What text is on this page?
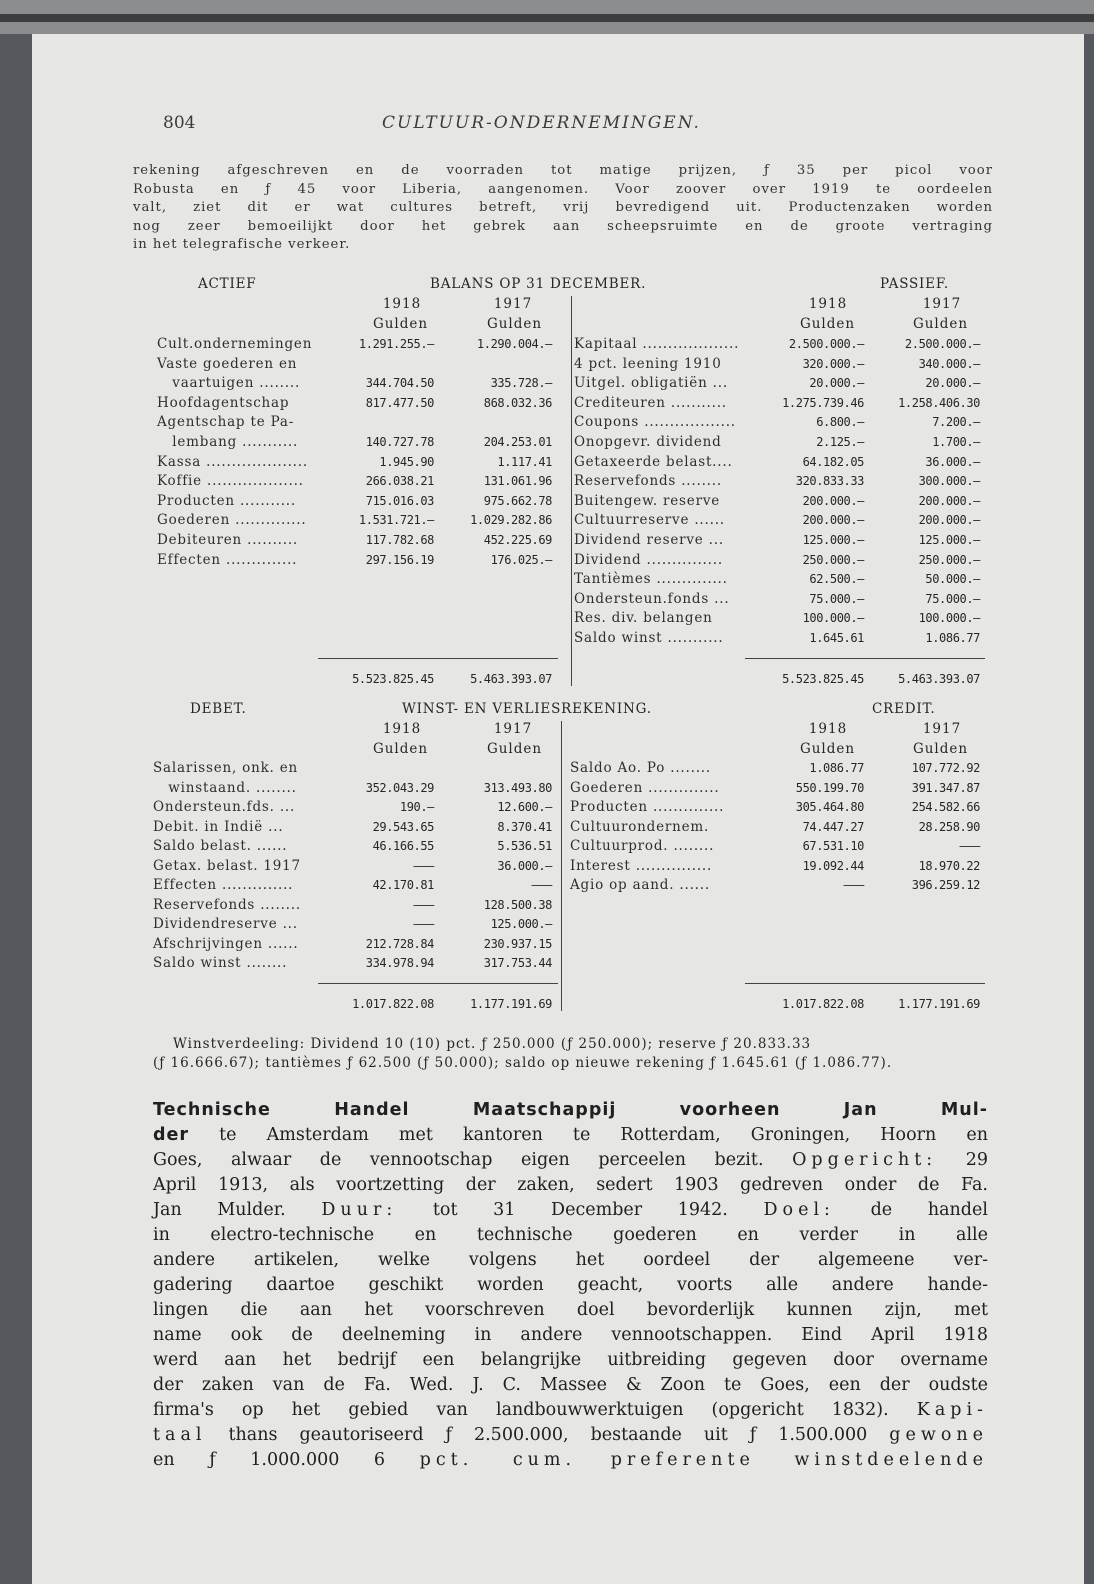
804	CULTUUR-ONDERNEMINGEN.
rekening afgeschreven en de voorraden tot matige prijzen, ƒ 35 per picol voor
Robusta en ƒ 45 voor Liberia, aangenomen. Voor zoover over 1919 te oordeelen
valt, ziet dit er wat cultures betreft, vrij bevredigend uit. Productenzaken worden
nog zeer bemoeilijkt door het gebrek aan scheepsruimte en de groote vertraging
in het telegrafische verkeer.
ACTIEF	BALANS OP 31 DECEMBER.	PASSIEF.
1918	1917
Gulden	Gulden
1918	1917
Gulden	Gulden
Cult.ondernemingen	1.291.255.—	1.290.004.—
Vaste goederen en
vaartuigen ........	344.704.50	335.728.—
Hoofdagentschap	817.477.50	868.032.36
Agentschap te Pa-
lembang ...........	140.727.78	204.253.01
Kassa ....................	1.945.90	1.117.41
Koffie ...................	266.038.21	131.061.96
Producten ...........	715.016.03	975.662.78
Goederen ..............	1.531.721.—	1.029.282.86
Debiteuren ..........	117.782.68	452.225.69
Effecten ..............	297.156.19	176.025.—
Kapitaal ...................	2.500.000.—	2.500.000.—
4 pct. leening 1910	320.000.—	340.000.—
Uitgel. obligatiën ...	20.000.—	20.000.—
Crediteuren ...........	1.275.739.46	1.258.406.30
Coupons ..................	6.800.—	7.200.—
Onopgevr. dividend	2.125.—	1.700.—
Getaxeerde belast....	64.182.05	36.000.—
Reservefonds ........	320.833.33	300.000.—
Buitengew. reserve	200.000.—	200.000.—
Cultuurreserve ......	200.000.—	200.000.—
Dividend reserve ...	125.000.—	125.000.—
Dividend ...............	250.000.—	250.000.—
Tantièmes ..............	62.500.—	50.000.—
Ondersteun.fonds ...	75.000.—	75.000.—
Res. div. belangen	100.000.—	100.000.—
Saldo winst ...........	1.645.61	1.086.77
5.523.825.45	5.463.393.07	5.523.825.45	5.463.393.07
DEBET.	WINST- EN VERLIESREKENING.	CREDIT.
1918	1917
Gulden	Gulden
1918	1917
Gulden	Gulden
Salarissen, onk. en
winstaand. ........	352.043.29	313.493.80
Ondersteun.fds. ...	190.—	12.600.—
Debit. in Indië ...	29.543.65	8.370.41
Saldo belast. ......	46.166.55	5.536.51
Getax. belast. 1917	———	36.000.—
Effecten ..............	42.170.81	———
Reservefonds ........	———	128.500.38
Dividendreserve ...	———	125.000.—
Afschrijvingen ......	212.728.84	230.937.15
Saldo winst ........	334.978.94	317.753.44
Saldo Ao. Po ........	1.086.77	107.772.92
Goederen ..............	550.199.70	391.347.87
Producten ..............	305.464.80	254.582.66
Cultuurondernem.	74.447.27	28.258.90
Cultuurprod. ........	67.531.10	———
Interest ...............	19.092.44	18.970.22
Agio op aand. ......	———	396.259.12
1.017.822.08	1.177.191.69	1.017.822.08	1.177.191.69
Winstverdeeling: Dividend 10 (10) pct. ƒ 250.000 (ƒ 250.000); reserve ƒ 20.833.33
(ƒ 16.666.67); tantièmes ƒ 62.500 (ƒ 50.000); saldo op nieuwe rekening ƒ 1.645.61 (ƒ 1.086.77).
Technische Handel Maatschappij voorheen Jan Mul-
der te Amsterdam met kantoren te Rotterdam, Groningen, Hoorn en
Goes, alwaar de vennootschap eigen perceelen bezit. Opgericht: 29
April 1913, als voortzetting der zaken, sedert 1903 gedreven onder de Fa.
Jan Mulder. Duur: tot 31 December 1942. Doel: de handel
in electro-technische en technische goederen en verder in alle
andere artikelen, welke volgens het oordeel der algemeene ver-
gadering daartoe geschikt worden geacht, voorts alle andere hande-
lingen die aan het voorschreven doel bevorderlijk kunnen zijn, met
name ook de deelneming in andere vennootschappen. Eind April 1918
werd aan het bedrijf een belangrijke uitbreiding gegeven door overname
der zaken van de Fa. Wed. J. C. Massee & Zoon te Goes, een der oudste
firma's op het gebied van landbouwwerktuigen (opgericht 1832). Kapi-
taal thans geautoriseerd ƒ 2.500.000, bestaande uit ƒ 1.500.000 gewone
en ƒ 1.000.000 6 pct. cum. preferente winstdeelende
